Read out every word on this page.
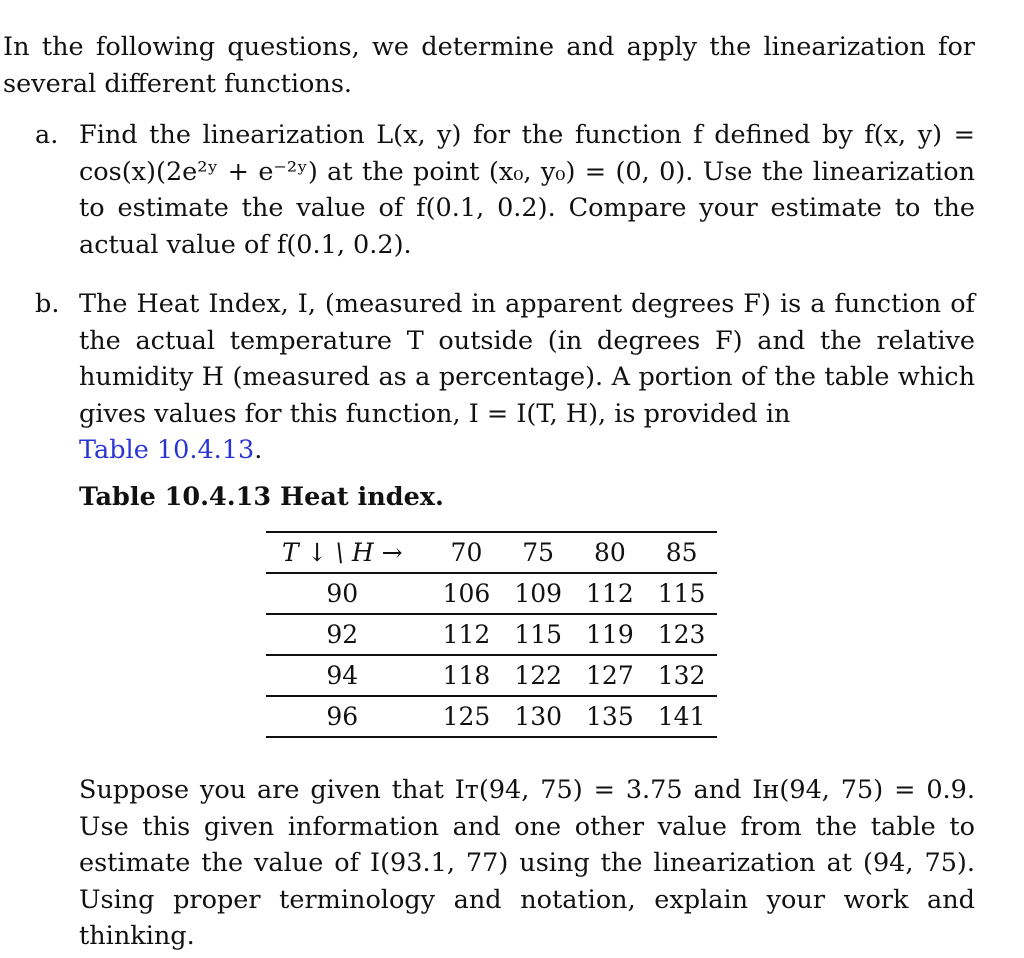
In the following questions, we determine and apply the linearization for several different functions.

a. Find the linearization L(x, y) for the function f defined by f(x, y) = cos(x)(2e²ʸ + e⁻²ʸ) at the point (x₀, y₀) = (0, 0). Use the linearization to estimate the value of f(0.1, 0.2). Compare your estimate to the actual value of f(0.1, 0.2).

b. The Heat Index, I, (measured in apparent degrees F) is a function of the actual temperature T outside (in degrees F) and the relative humidity H (measured as a percentage). A portion of the table which gives values for this function, I = I(T, H), is provided in
Table 10.4.13.

Table 10.4.13 Heat index.
T ↓ \ H →	70	75	80	85
90	106	109	112	115
92	112	115	119	123
94	118	122	127	132
96	125	130	135	141

Suppose you are given that Iᴛ(94, 75) = 3.75 and Iʜ(94, 75) = 0.9. Use this given information and one other value from the table to estimate the value of I(93.1, 77) using the linearization at (94, 75). Using proper terminology and notation, explain your work and thinking.
